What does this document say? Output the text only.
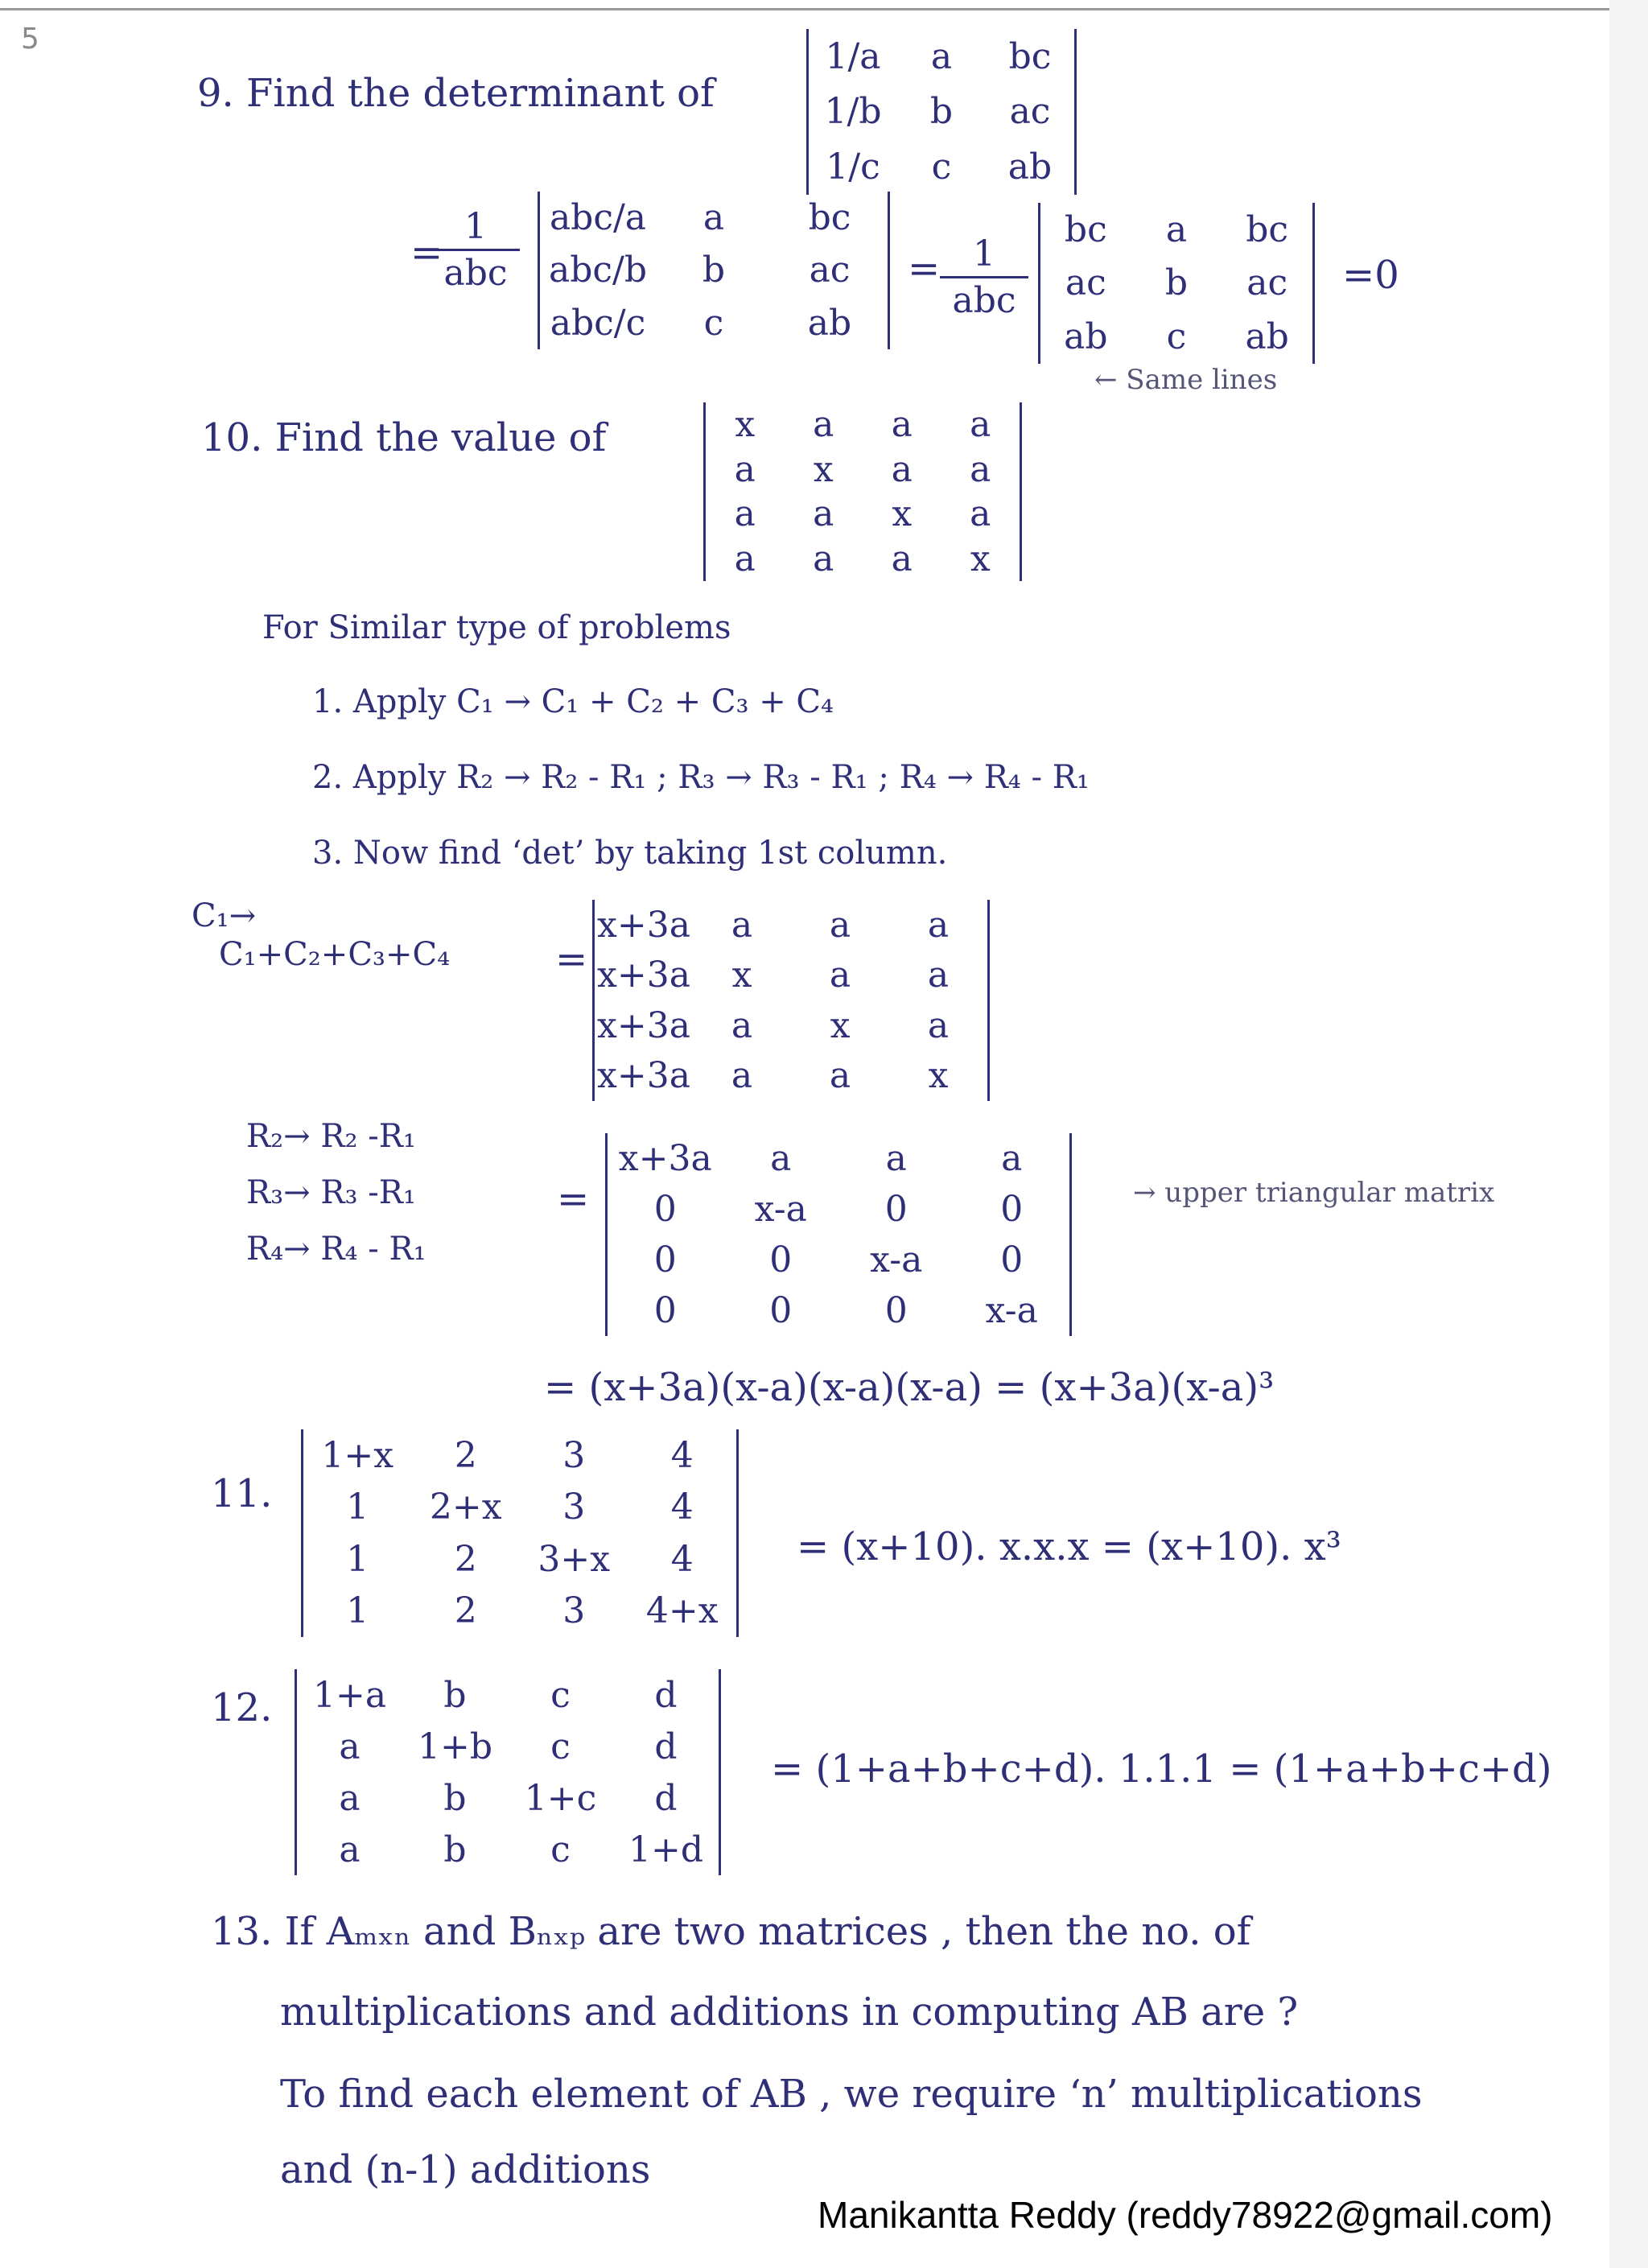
5
9. Find the determinant of
1/a a bc
1/b b ac
1/c c ab
=
1
abc
abc/a a bc
abc/b b ac
abc/c c ab
= 1
abc
bc a bc
ac b ac
ab c ab
=0
← Same lines
10. Find the value of	x a a a
a x a a
a a x a
a a a x
For Similar type of problems
1. Apply C₁ → C₁ + C₂ + C₃ + C₄
2. Apply R₂ → R₂ - R₁ ; R₃ → R₃ - R₁ ; R₄ → R₄ - R₁
3. Now find ‘det’ by taking 1st column.
C₁→
C₁+C₂+C₃+C₄	=
x+3a a a a
x+3a x a a
x+3a a x a
x+3a a a x
R₂→ R₂ -R₁
R₃→ R₃ -R₁
R₄→ R₄ - R₁
=
x+3a a	a	a
0 x-a 0	0
0	0 x-a 0
0	0	0 x-a
→ upper triangular matrix
= (x+3a)(x-a)(x-a)(x-a) = (x+3a)(x-a)³
11.
1+x 2 3 4
1 2+x 3 4
1 2 3+x 4
1 2 3 4+x
= (x+10). x.x.x = (x+10). x³
12. 1+a b c d
a 1+b c d
a b 1+c d
a b c 1+d
= (1+a+b+c+d). 1.1.1 = (1+a+b+c+d)
13. If Aₘₓₙ and Bₙₓₚ are two matrices , then the no. of
multiplications and additions in computing AB are ?
To find each element of AB , we require ‘n’ multiplications
and (n-1) additions
Manikantta Reddy (reddy78922@gmail.com)
